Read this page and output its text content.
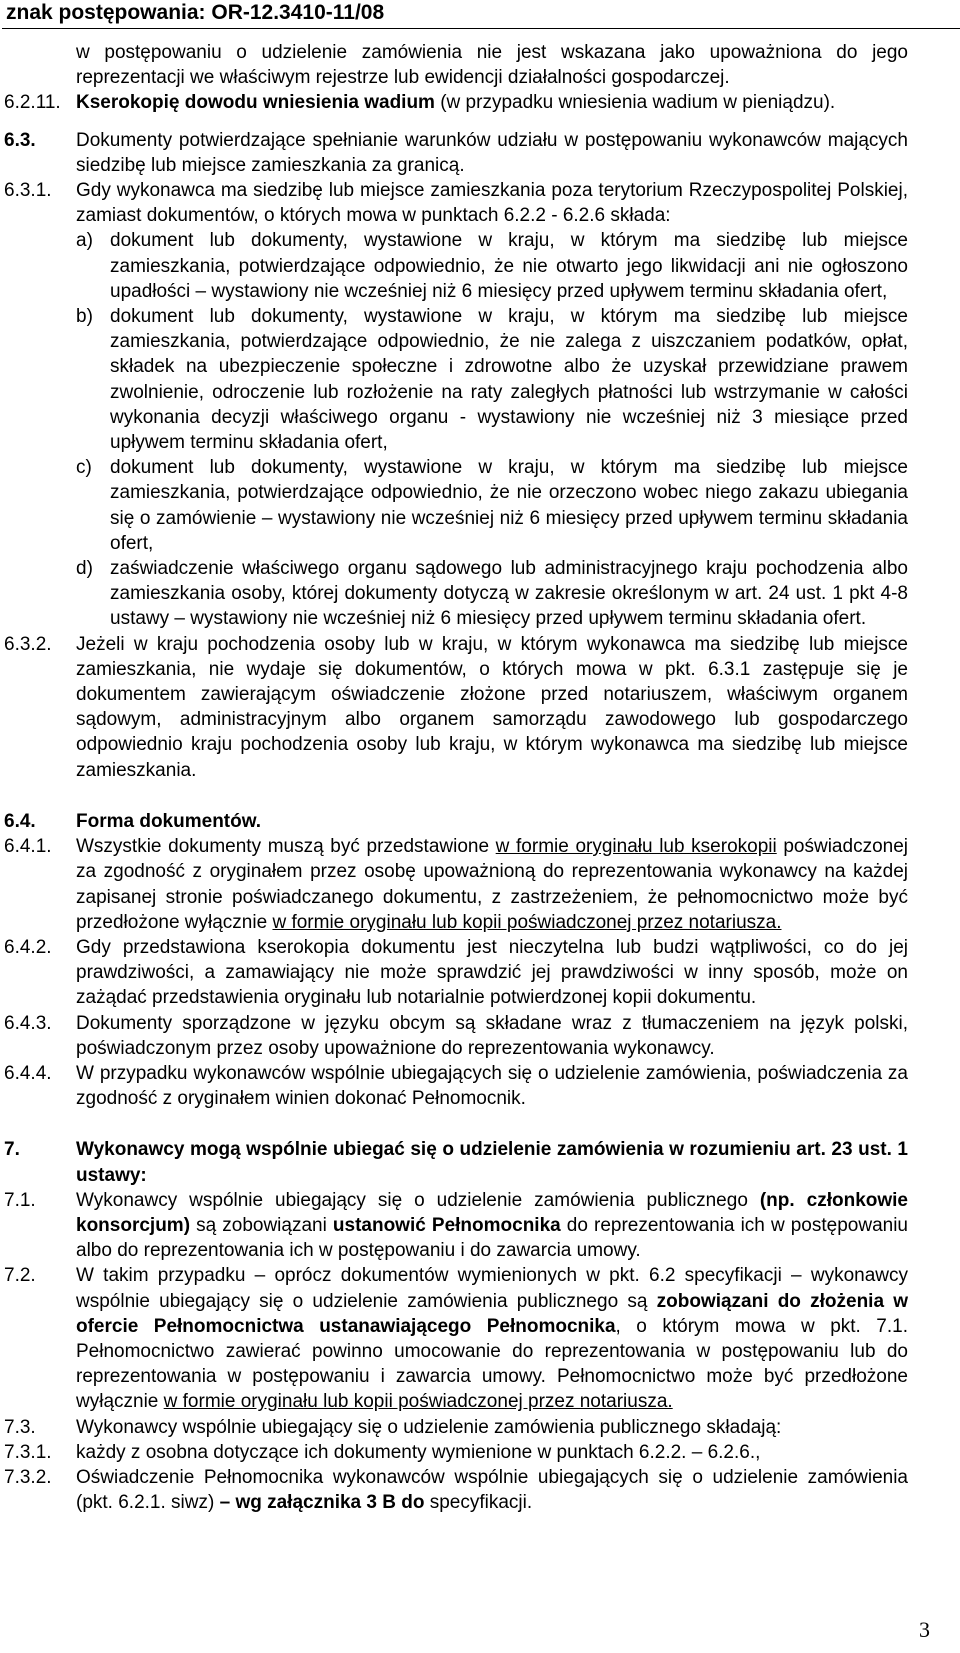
znak postępowania: OR-12.3410-11/08
w postępowaniu o udzielenie zamówienia nie jest wskazana jako upoważniona do jego reprezentacji we właściwym rejestrze lub ewidencji działalności gospodarczej.
6.2.11. Kserokopię dowodu wniesienia wadium (w przypadku wniesienia wadium w pieniądzu).
6.3. Dokumenty potwierdzające spełnianie warunków udziału w postępowaniu wykonawców mających siedzibę lub miejsce zamieszkania za granicą.
6.3.1. Gdy wykonawca ma siedzibę lub miejsce zamieszkania poza terytorium Rzeczypospolitej Polskiej, zamiast dokumentów, o których mowa w punktach 6.2.2 - 6.2.6 składa:
a) dokument lub dokumenty, wystawione w kraju, w którym ma siedzibę lub miejsce zamieszkania, potwierdzające odpowiednio, że nie otwarto jego likwidacji ani nie ogłoszono upadłości – wystawiony nie wcześniej niż 6 miesięcy przed upływem terminu składania ofert,
b) dokument lub dokumenty, wystawione w kraju, w którym ma siedzibę lub miejsce zamieszkania, potwierdzające odpowiednio, że nie zalega z uiszczaniem podatków, opłat, składek na ubezpieczenie społeczne i zdrowotne albo że uzyskał przewidziane prawem zwolnienie, odroczenie lub rozłożenie na raty zaległych płatności lub wstrzymanie w całości wykonania decyzji właściwego organu - wystawiony nie wcześniej niż 3 miesiące przed upływem terminu składania ofert,
c) dokument lub dokumenty, wystawione w kraju, w którym ma siedzibę lub miejsce zamieszkania, potwierdzające odpowiednio, że nie orzeczono wobec niego zakazu ubiegania się o zamówienie – wystawiony nie wcześniej niż 6 miesięcy przed upływem terminu składania ofert,
d) zaświadczenie właściwego organu sądowego lub administracyjnego kraju pochodzenia albo zamieszkania osoby, której dokumenty dotyczą w zakresie określonym w art. 24 ust. 1 pkt 4-8 ustawy – wystawiony nie wcześniej niż 6 miesięcy przed upływem terminu składania ofert.
6.3.2. Jeżeli w kraju pochodzenia osoby lub w kraju, w którym wykonawca ma siedzibę lub miejsce zamieszkania, nie wydaje się dokumentów, o których mowa w pkt. 6.3.1 zastępuje się je dokumentem zawierającym oświadczenie złożone przed notariuszem, właściwym organem sądowym, administracyjnym albo organem samorządu zawodowego lub gospodarczego odpowiednio kraju pochodzenia osoby lub kraju, w którym wykonawca ma siedzibę lub miejsce zamieszkania.
6.4. Forma dokumentów.
6.4.1. Wszystkie dokumenty muszą być przedstawione w formie oryginału lub kserokopii poświadczonej za zgodność z oryginałem przez osobę upoważnioną do reprezentowania wykonawcy na każdej zapisanej stronie poświadczanego dokumentu, z zastrzeżeniem, że pełnomocnictwo może być przedłożone wyłącznie w formie oryginału lub kopii poświadczonej przez notariusza.
6.4.2. Gdy przedstawiona kserokopia dokumentu jest nieczytelna lub budzi wątpliwości, co do jej prawdziwości, a zamawiający nie może sprawdzić jej prawdziwości w inny sposób, może on zażądać przedstawienia oryginału lub notarialnie potwierdzonej kopii dokumentu.
6.4.3. Dokumenty sporządzone w języku obcym są składane wraz z tłumaczeniem na język polski, poświadczonym przez osoby upoważnione do reprezentowania wykonawcy.
6.4.4. W przypadku wykonawców wspólnie ubiegających się o udzielenie zamówienia, poświadczenia za zgodność z oryginałem winien dokonać Pełnomocnik.
7.	Wykonawcy mogą wspólnie ubiegać się o udzielenie zamówienia w rozumieniu art. 23 ust. 1 ustawy:
7.1. Wykonawcy wspólnie ubiegający się o udzielenie zamówienia publicznego (np. członkowie konsorcjum) są zobowiązani ustanowić Pełnomocnika do reprezentowania ich w postępowaniu albo do reprezentowania ich w postępowaniu i do zawarcia umowy.
7.2. W takim przypadku – oprócz dokumentów wymienionych w pkt. 6.2 specyfikacji – wykonawcy wspólnie ubiegający się o udzielenie zamówienia publicznego są zobowiązani do złożenia w ofercie Pełnomocnictwa ustanawiającego Pełnomocnika, o którym mowa w pkt. 7.1. Pełnomocnictwo zawierać powinno umocowanie do reprezentowania w postępowaniu lub do reprezentowania w postępowaniu i zawarcia umowy. Pełnomocnictwo może być przedłożone wyłącznie w formie oryginału lub kopii poświadczonej przez notariusza.
7.3. Wykonawcy wspólnie ubiegający się o udzielenie zamówienia publicznego składają:
7.3.1. każdy z osobna dotyczące ich dokumenty wymienione w punktach 6.2.2. – 6.2.6.,
7.3.2. Oświadczenie Pełnomocnika wykonawców wspólnie ubiegających się o udzielenie zamówienia (pkt. 6.2.1. siwz) – wg załącznika 3 B do specyfikacji.
3
